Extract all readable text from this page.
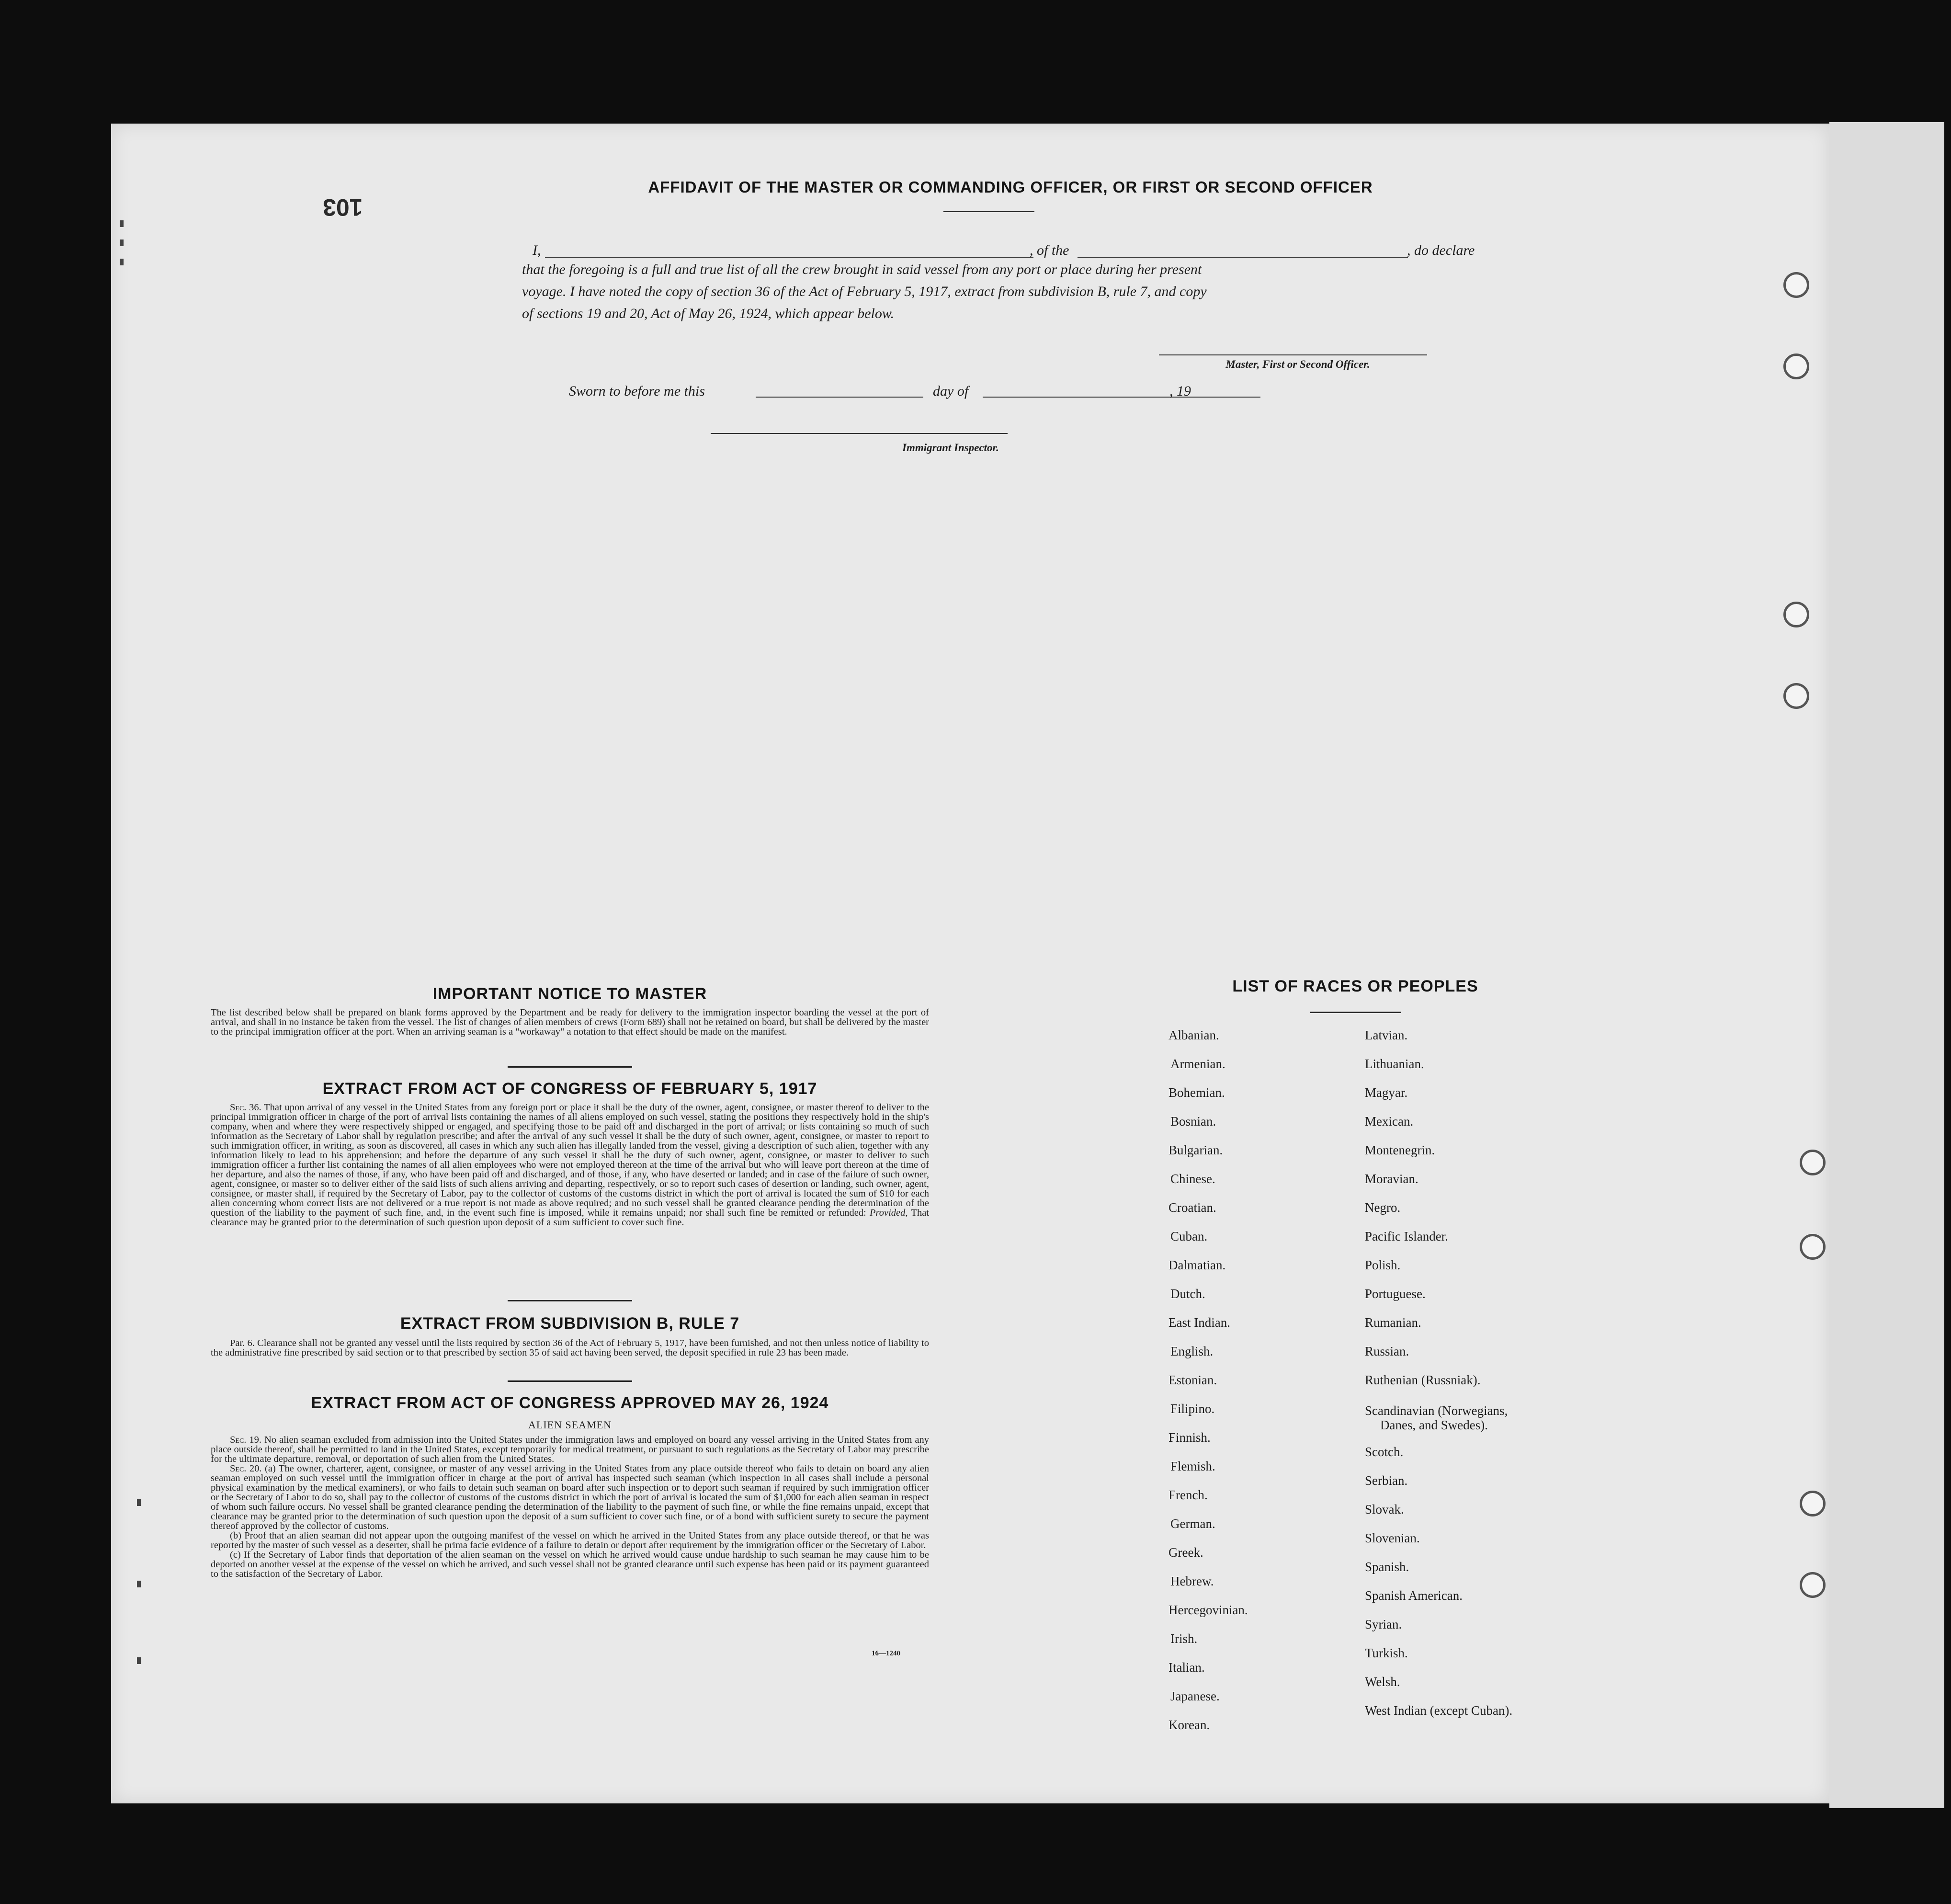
103
AFFIDAVIT OF THE MASTER OR COMMANDING OFFICER, OR FIRST OR SECOND OFFICER
I,	, of the	, do declare
that the foregoing is a full and true list of all the crew brought in said vessel from any port or place during her present
voyage. I have noted the copy of section 36 of the Act of February 5, 1917, extract from subdivision B, rule 7, and copy
of sections 19 and 20, Act of May 26, 1924, which appear below.
Master, First or Second Officer.
Sworn to before me this	day of	, 19
Immigrant Inspector.
IMPORTANT NOTICE TO MASTER
The list described below shall be prepared on blank forms approved by the Department and be ready for delivery to the immigration inspector boarding the vessel at the port of arrival, and shall in no instance be taken from the vessel. The list of changes of alien members of crews (Form 689) shall not be retained on board, but shall be delivered by the master to the principal immigration officer at the port. When an arriving seaman is a "workaway" a notation to that effect should be made on the manifest.
EXTRACT FROM ACT OF CONGRESS OF FEBRUARY 5, 1917

Sec. 36. That upon arrival of any vessel in the United States from any foreign port or place it shall be the duty of the owner, agent, consignee, or master thereof to deliver to the principal immigration officer in charge of the port of arrival lists containing the names of all aliens employed on such vessel, stating the positions they respectively hold in the ship's company, when and where they were respectively shipped or engaged, and specifying those to be paid off and discharged in the port of arrival; or lists containing so much of such information as the Secretary of Labor shall by regulation prescribe; and after the arrival of any such vessel it shall be the duty of such owner, agent, consignee, or master to report to such immigration officer, in writing, as soon as discovered, all cases in which any such alien has illegally landed from the vessel, giving a description of such alien, together with any information likely to lead to his apprehension; and before the departure of any such vessel it shall be the duty of such owner, agent, consignee, or master to deliver to such immigration officer a further list containing the names of all alien employees who were not employed thereon at the time of the arrival but who will leave port thereon at the time of her departure, and also the names of those, if any, who have been paid off and discharged, and of those, if any, who have deserted or landed; and in case of the failure of such owner, agent, consignee, or master so to deliver either of the said lists of such aliens arriving and departing, respectively, or so to report such cases of desertion or landing, such owner, agent, consignee, or master shall, if required by the Secretary of Labor, pay to the collector of customs of the customs district in which the port of arrival is located the sum of $10 for each alien concerning whom correct lists are not delivered or a true report is not made as above required; and no such vessel shall be granted clearance pending the determination of the question of the liability to the payment of such fine, and, in the event such fine is imposed, while it remains unpaid; nor shall such fine be remitted or refunded: Provided, That clearance may be granted prior to the determination of such question upon deposit of a sum sufficient to cover such fine.

EXTRACT FROM SUBDIVISION B, RULE 7

Par. 6. Clearance shall not be granted any vessel until the lists required by section 36 of the Act of February 5, 1917, have been furnished, and not then unless notice of liability to the administrative fine prescribed by said section or to that prescribed by section 35 of said act having been served, the deposit specified in rule 23 has been made.

EXTRACT FROM ACT OF CONGRESS APPROVED MAY 26, 1924
ALIEN SEAMEN

Sec. 19. No alien seaman excluded from admission into the United States under the immigration laws and employed on board any vessel arriving in the United States from any place outside thereof, shall be permitted to land in the United States, except temporarily for medical treatment, or pursuant to such regulations as the Secretary of Labor may prescribe for the ultimate departure, removal, or deportation of such alien from the United States.

Sec. 20. (a) The owner, charterer, agent, consignee, or master of any vessel arriving in the United States from any place outside thereof who fails to detain on board any alien seaman employed on such vessel until the immigration officer in charge at the port of arrival has inspected such seaman (which inspection in all cases shall include a personal physical examination by the medical examiners), or who fails to detain such seaman on board after such inspection or to deport such seaman if required by such immigration officer or the Secretary of Labor to do so, shall pay to the collector of customs of the customs district in which the port of arrival is located the sum of $1,000 for each alien seaman in respect of whom such failure occurs. No vessel shall be granted clearance pending the determination of the liability to the payment of such fine, or while the fine remains unpaid, except that clearance may be granted prior to the determination of such question upon the deposit of a sum sufficient to cover such fine, or of a bond with sufficient surety to secure the payment thereof approved by the collector of customs.

(b) Proof that an alien seaman did not appear upon the outgoing manifest of the vessel on which he arrived in the United States from any place outside thereof, or that he was reported by the master of such vessel as a deserter, shall be prima facie evidence of a failure to detain or deport after requirement by the immigration officer or the Secretary of Labor.

(c) If the Secretary of Labor finds that deportation of the alien seaman on the vessel on which he arrived would cause undue hardship to such seaman he may cause him to be deported on another vessel at the expense of the vessel on which he arrived, and such vessel shall not be granted clearance until such expense has been paid or its payment guaranteed to the satisfaction of the Secretary of Labor.

16—1240
LIST OF RACES OR PEOPLES
Albanian.
Armenian.
Bohemian.
Bosnian.
Bulgarian.
Chinese.
Croatian.
Cuban.
Dalmatian.
Dutch.
East Indian.
English.
Estonian.
Filipino.
Finnish.
Flemish.
French.
German.
Greek.
Hebrew.
Hercegovinian.
Irish.
Italian.
Japanese.
Korean.
Latvian.
Lithuanian.
Magyar.
Mexican.
Montenegrin.
Moravian.
Negro.
Pacific Islander.
Polish.
Portuguese.
Rumanian.
Russian.
Ruthenian (Russniak).
Scandinavian (Norwegians,
Danes, and Swedes).
Scotch.
Serbian.
Slovak.
Slovenian.
Spanish.
Spanish American.
Syrian.
Turkish.
Welsh.
West Indian (except Cuban).
